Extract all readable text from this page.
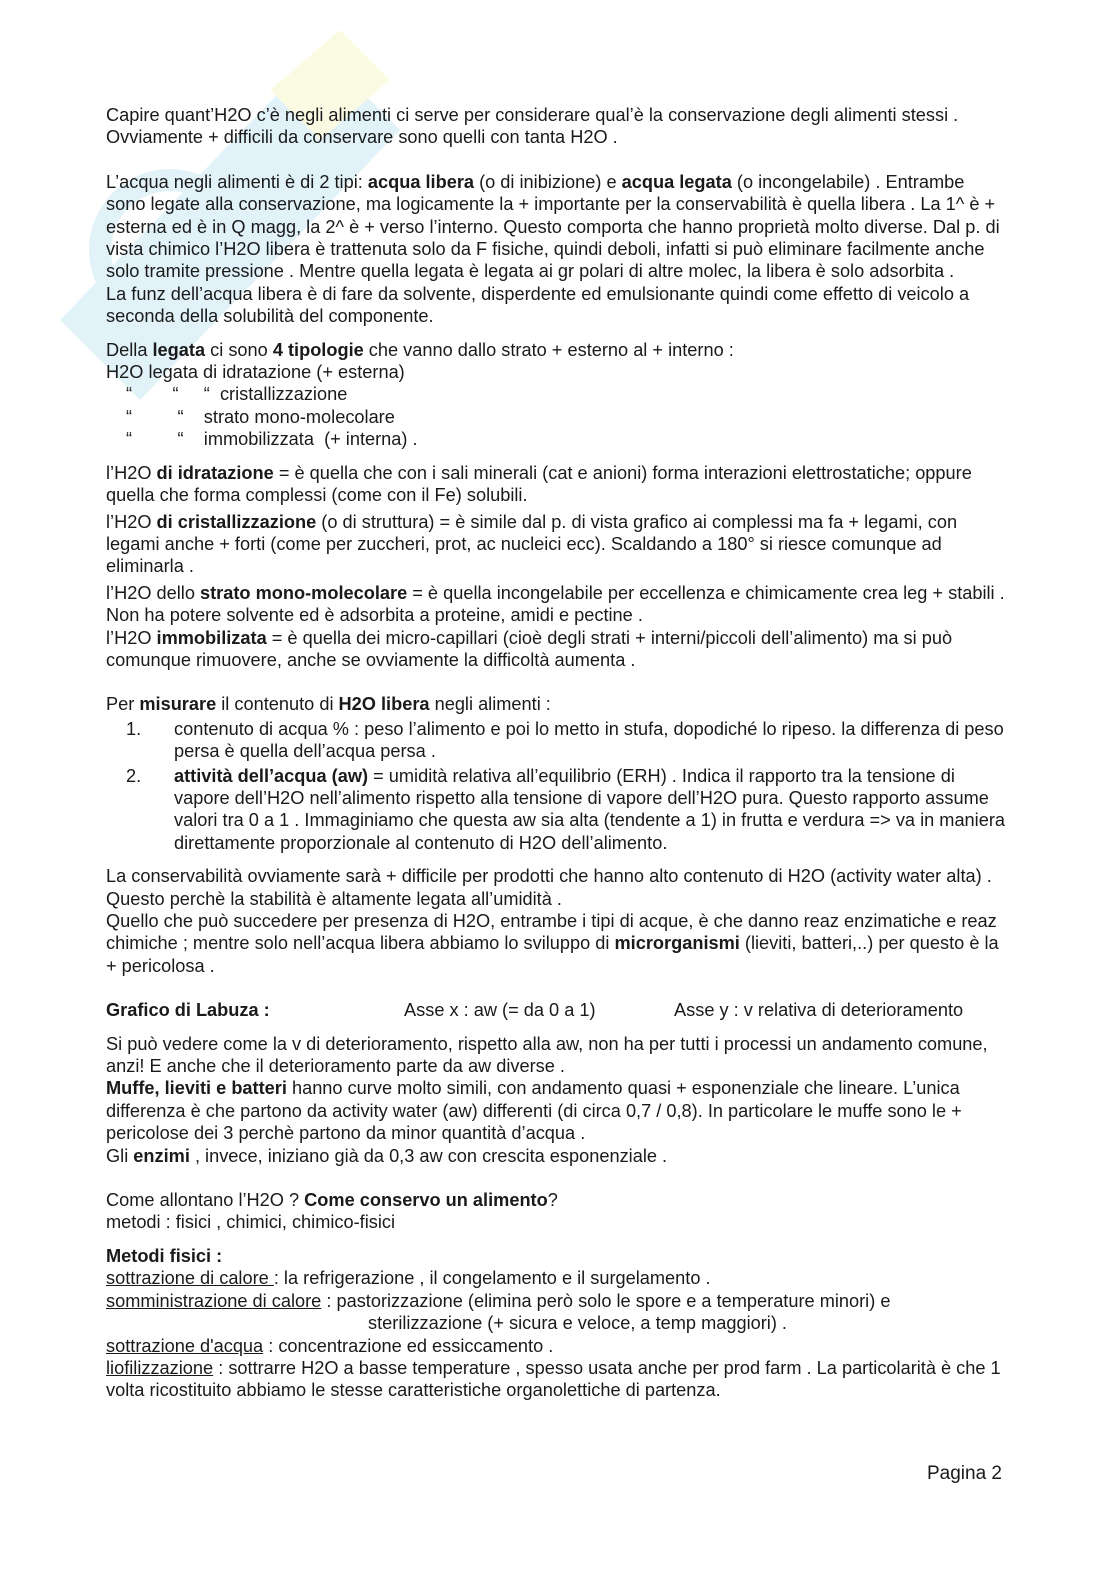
Capire quant’H2O c’è negli alimenti ci serve per considerare qual’è la conservazione degli alimenti stessi . Ovviamente + difficili da conservare sono quelli con tanta H2O .

L’acqua negli alimenti è di 2 tipi: acqua libera (o di inibizione) e acqua legata (o incongelabile) . Entrambe sono legate alla conservazione, ma logicamente la + importante per la conservabilità è quella libera . La 1^ è + esterna ed è in Q magg, la 2^ è + verso l’interno. Questo comporta che hanno proprietà molto diverse. Dal p. di vista chimico l’H2O libera è trattenuta solo da F fisiche, quindi deboli, infatti si può eliminare facilmente anche solo tramite pressione . Mentre quella legata è legata ai gr polari di altre molec, la libera è solo adsorbita .

La funz dell’acqua libera è di fare da solvente, disperdente ed emulsionante quindi come effetto di veicolo a seconda della solubilità del componente.

Della legata ci sono 4 tipologie che vanno dallo strato + esterno al + interno :

H2O legata di idratazione (+ esterna)

“        “     “  cristallizzazione

“         “    strato mono-molecolare

“         “    immobilizzata  (+ interna) .

l’H2O di idratazione = è quella che con i sali minerali (cat e anioni) forma interazioni elettrostatiche; oppure quella che forma complessi (come con il Fe) solubili.

l’H2O di cristallizzazione (o di struttura) = è simile dal p. di vista grafico ai complessi ma fa + legami, con legami anche + forti (come per zuccheri, prot, ac nucleici ecc). Scaldando a 180° si riesce comunque ad eliminarla .

l’H2O dello strato mono-molecolare = è quella incongelabile per eccellenza e chimicamente crea leg + stabili . Non ha potere solvente ed è adsorbita a proteine, amidi e pectine .

l’H2O immobilizata = è quella dei micro-capillari (cioè degli strati + interni/piccoli dell’alimento) ma si può comunque rimuovere, anche se ovviamente la difficoltà aumenta .

Per misurare il contenuto di H2O libera negli alimenti :

1.	contenuto di acqua % : peso l’alimento e poi lo metto in stufa, dopodiché lo ripeso. la differenza di peso persa è quella dell’acqua persa .
2.	attività dell’acqua (aw) = umidità relativa all’equilibrio (ERH) . Indica il rapporto tra la tensione di vapore dell’H2O nell’alimento rispetto alla tensione di vapore dell’H2O pura. Questo rapporto assume valori tra 0 a 1 . Immaginiamo che questa aw sia alta (tendente a 1) in frutta e verdura => va in maniera direttamente proporzionale al contenuto di H2O dell’alimento.

La conservabilità ovviamente sarà + difficile per prodotti che hanno alto contenuto di H2O (activity water alta) . Questo perchè la stabilità è altamente legata all’umidità .

Quello che può succedere per presenza di H2O, entrambe i tipi di acque, è che danno reaz enzimatiche e reaz chimiche ; mentre solo nell’acqua libera abbiamo lo sviluppo di microrganismi (lieviti, batteri,..) per questo è la + pericolosa .

Grafico di Labuza :	Asse x : aw (= da 0 a 1)	Asse y : v relativa di deterioramento

Si può vedere come la v di deterioramento, rispetto alla aw, non ha per tutti i processi un andamento comune, anzi! E anche che il deterioramento parte da aw diverse .

Muffe, lieviti e batteri hanno curve molto simili, con andamento quasi + esponenziale che lineare. L’unica differenza è che partono da activity water (aw) differenti (di circa 0,7 / 0,8). In particolare le muffe sono le + pericolose dei 3 perchè partono da minor quantità d’acqua .

Gli enzimi , invece, iniziano già da 0,3 aw con crescita esponenziale .

Come allontano l’H2O ? Come conservo un alimento?

metodi : fisici , chimici, chimico-fisici

Metodi fisici :

sottrazione di calore : la refrigerazione , il congelamento e il surgelamento .

somministrazione di calore : pastorizzazione (elimina però solo le spore e a temperature minori) e

sterilizzazione (+ sicura e veloce, a temp maggiori) .

sottrazione d'acqua : concentrazione ed essiccamento .

liofilizzazione : sottrarre H2O a basse temperature , spesso usata anche per prod farm . La particolarità è che 1 volta ricostituito abbiamo le stesse caratteristiche organolettiche di partenza.

Pagina 2
